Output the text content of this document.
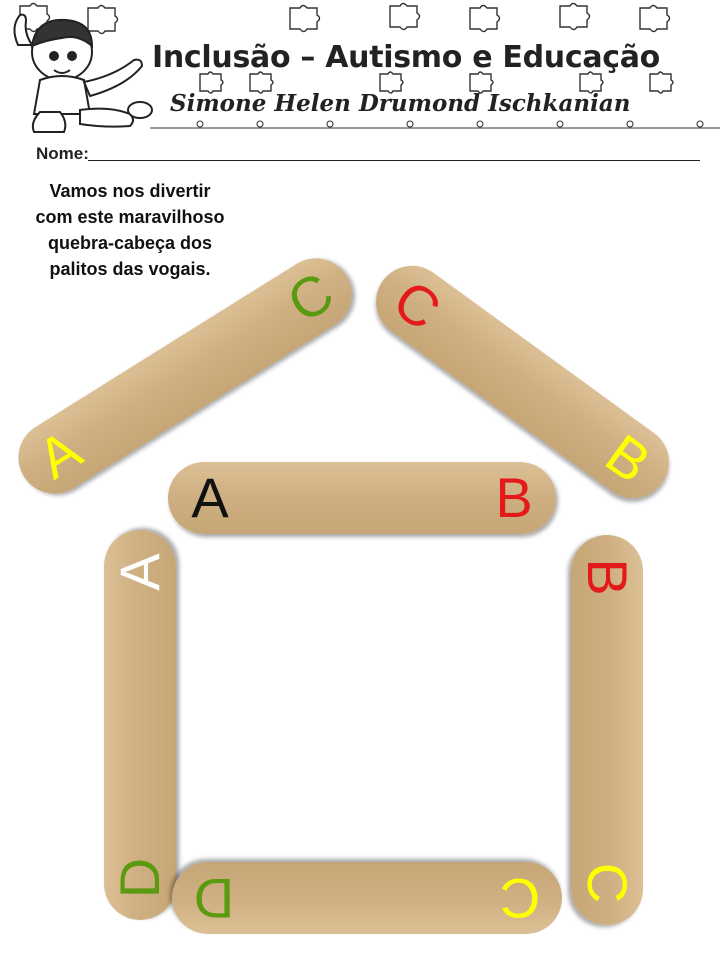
Inclusão – Autismo e Educação
Simone Helen Drumond Ischkanian
Nome:

Vamos nos divertir com este maravilhoso quebra-cabeça dos palitos das vogais.

A
C C
B
A	B
D
A	B
C
C
D
